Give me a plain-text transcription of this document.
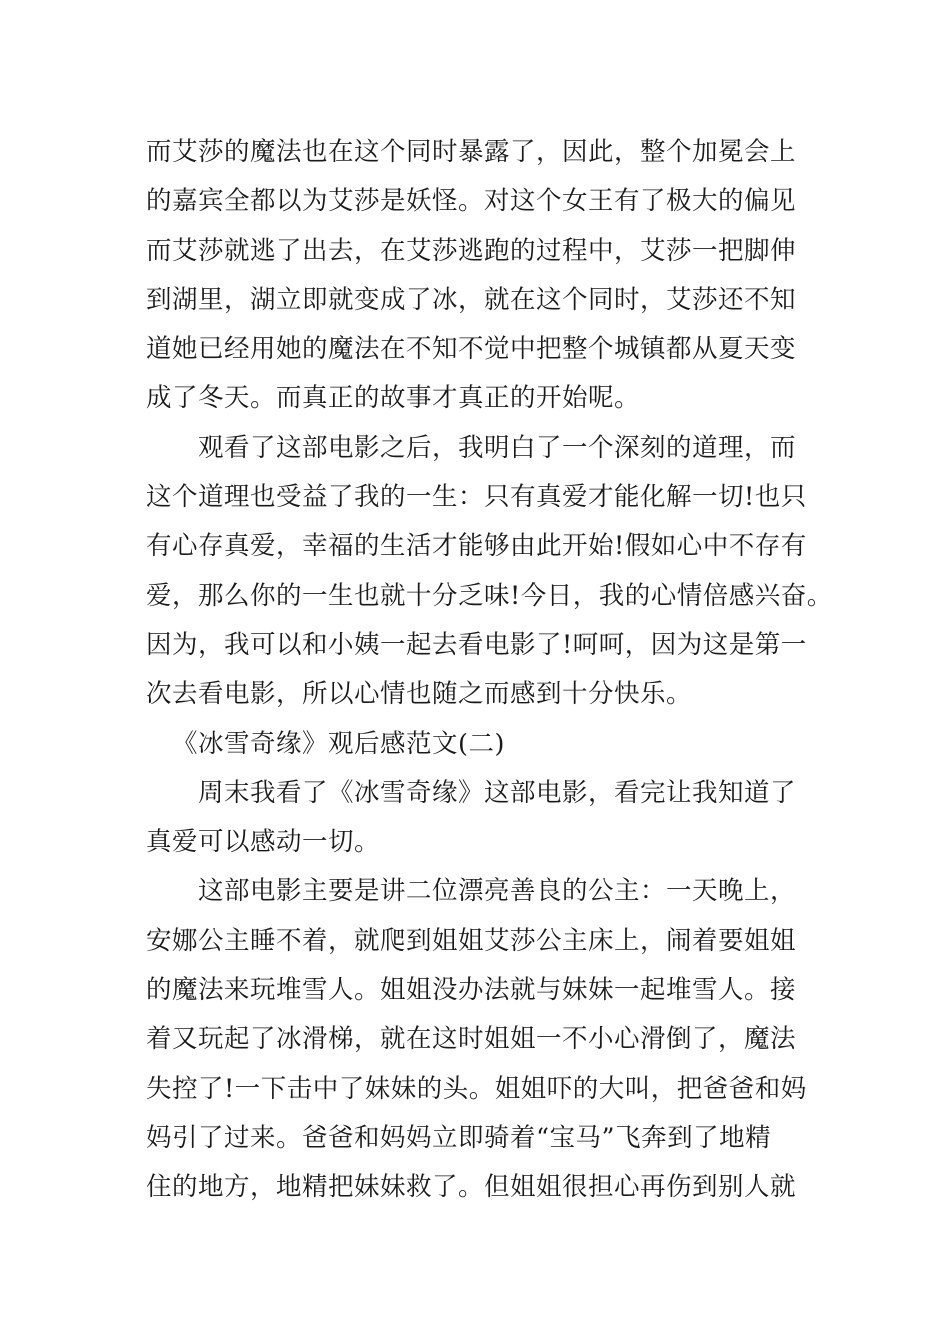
而艾莎的魔法也在这个同时暴露了，因此，整个加冕会上
的嘉宾全都以为艾莎是妖怪。对这个女王有了极大的偏见
而艾莎就逃了出去，在艾莎逃跑的过程中，艾莎一把脚伸
到湖里，湖立即就变成了冰，就在这个同时，艾莎还不知
道她已经用她的魔法在不知不觉中把整个城镇都从夏天变
成了冬天。而真正的故事才真正的开始呢。
观看了这部电影之后，我明白了一个深刻的道理，而
这个道理也受益了我的一生：只有真爱才能化解一切!也只
有心存真爱，幸福的生活才能够由此开始!假如心中不存有
爱，那么你的一生也就十分乏味!今日，我的心情倍感兴奋。
因为，我可以和小姨一起去看电影了!呵呵，因为这是第一
次去看电影，所以心情也随之而感到十分快乐。
《冰雪奇缘》观后感范文(二)
周末我看了《冰雪奇缘》这部电影，看完让我知道了
真爱可以感动一切。
这部电影主要是讲二位漂亮善良的公主：一天晚上，
安娜公主睡不着，就爬到姐姐艾莎公主床上，闹着要姐姐
的魔法来玩堆雪人。姐姐没办法就与妹妹一起堆雪人。接
着又玩起了冰滑梯，就在这时姐姐一不小心滑倒了，魔法
失控了!一下击中了妹妹的头。姐姐吓的大叫，把爸爸和妈
妈引了过来。爸爸和妈妈立即骑着“宝马”飞奔到了地精
住的地方，地精把妹妹救了。但姐姐很担心再伤到别人就
